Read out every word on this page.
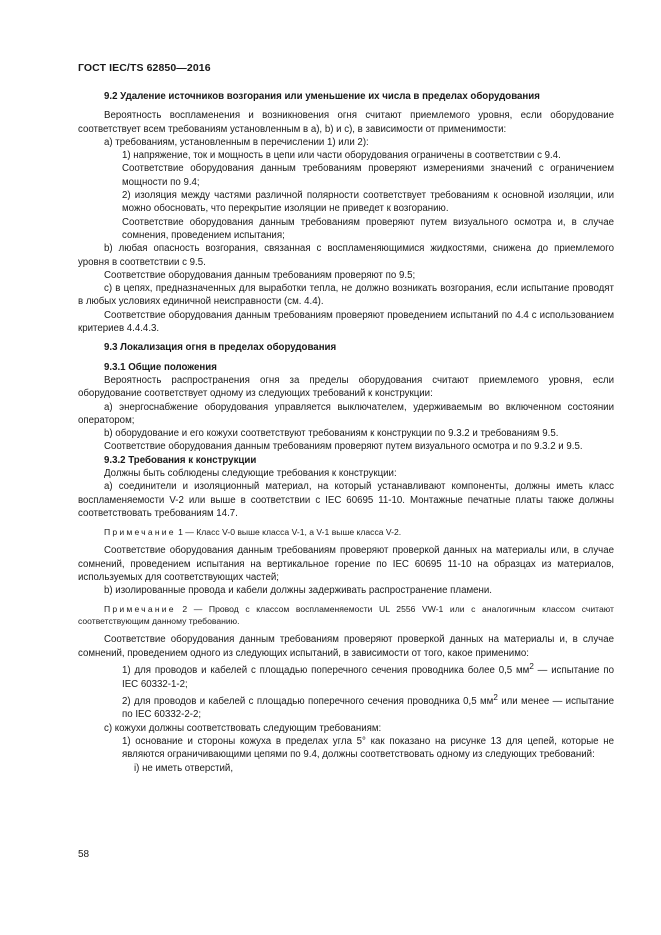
ГОСТ IEC/TS 62850—2016

9.2 Удаление источников возгорания или уменьшение их числа в пределах оборудования

Вероятность воспламенения и возникновения огня считают приемлемого уровня, если оборудование соответствует всем требованиям установленным в a), b) и c), в зависимости от применимости:

a) требованиям, установленным в перечислении 1) или 2):

1) напряжение, ток и мощность в цепи или части оборудования ограничены в соответствии с 9.4.

Соответствие оборудования данным требованиям проверяют измерениями значений с ограничением мощности по 9.4;

2) изоляция между частями различной полярности соответствует требованиям к основной изоляции, или можно обосновать, что перекрытие изоляции не приведет к возгоранию.

Соответствие оборудования данным требованиям проверяют путем визуального осмотра и, в случае сомнения, проведением испытания;

b) любая опасность возгорания, связанная с воспламеняющимися жидкостями, снижена до приемлемого уровня в соответствии с 9.5.

Соответствие оборудования данным требованиям проверяют по 9.5;

c) в цепях, предназначенных для выработки тепла, не должно возникать возгорания, если испытание проводят в любых условиях единичной неисправности (см. 4.4).

Соответствие оборудования данным требованиям проверяют проведением испытаний по 4.4 с использованием критериев 4.4.4.3.

9.3 Локализация огня в пределах оборудования

9.3.1 Общие положения

Вероятность распространения огня за пределы оборудования считают приемлемого уровня, если оборудование соответствует одному из следующих требований к конструкции:

a) энергоснабжение оборудования управляется выключателем, удерживаемым во включенном состоянии оператором;

b) оборудование и его кожухи соответствуют требованиям к конструкции по 9.3.2 и требованиям 9.5.

Соответствие оборудования данным требованиям проверяют путем визуального осмотра и по 9.3.2 и 9.5.

9.3.2 Требования к конструкции

Должны быть соблюдены следующие требования к конструкции:

a) соединители и изоляционный материал, на который устанавливают компоненты, должны иметь класс воспламеняемости V-2 или выше в соответствии с IEC 60695 11-10. Монтажные печатные платы также должны соответствовать требованиям 14.7.

Примечание 1 — Класс V-0 выше класса V-1, а V-1 выше класса V-2.

Соответствие оборудования данным требованиям проверяют проверкой данных на материалы или, в случае сомнений, проведением испытания на вертикальное горение по IEC 60695 11-10 на образцах из материалов, используемых для соответствующих частей;

b) изолированные провода и кабели должны задерживать распространение пламени.

Примечание 2 — Провод с классом воспламеняемости UL 2556 VW-1 или с аналогичным классом считают соответствующим данному требованию.

Соответствие оборудования данным требованиям проверяют проверкой данных на материалы и, в случае сомнений, проведением одного из следующих испытаний, в зависимости от того, какое применимо:

1) для проводов и кабелей с площадью поперечного сечения проводника более 0,5 $мм^2$ — испытание по IEC 60332-1-2;

2) для проводов и кабелей с площадью поперечного сечения проводника 0,5 $мм^2$ или менее — испытание по IEC 60332-2-2;

c) кожухи должны соответствовать следующим требованиям:

1) основание и стороны кожуха в пределах угла 5° как показано на рисунке 13 для цепей, которые не являются ограничивающими цепями по 9.4, должны соответствовать одному из следующих требований:

i) не иметь отверстий,

58
